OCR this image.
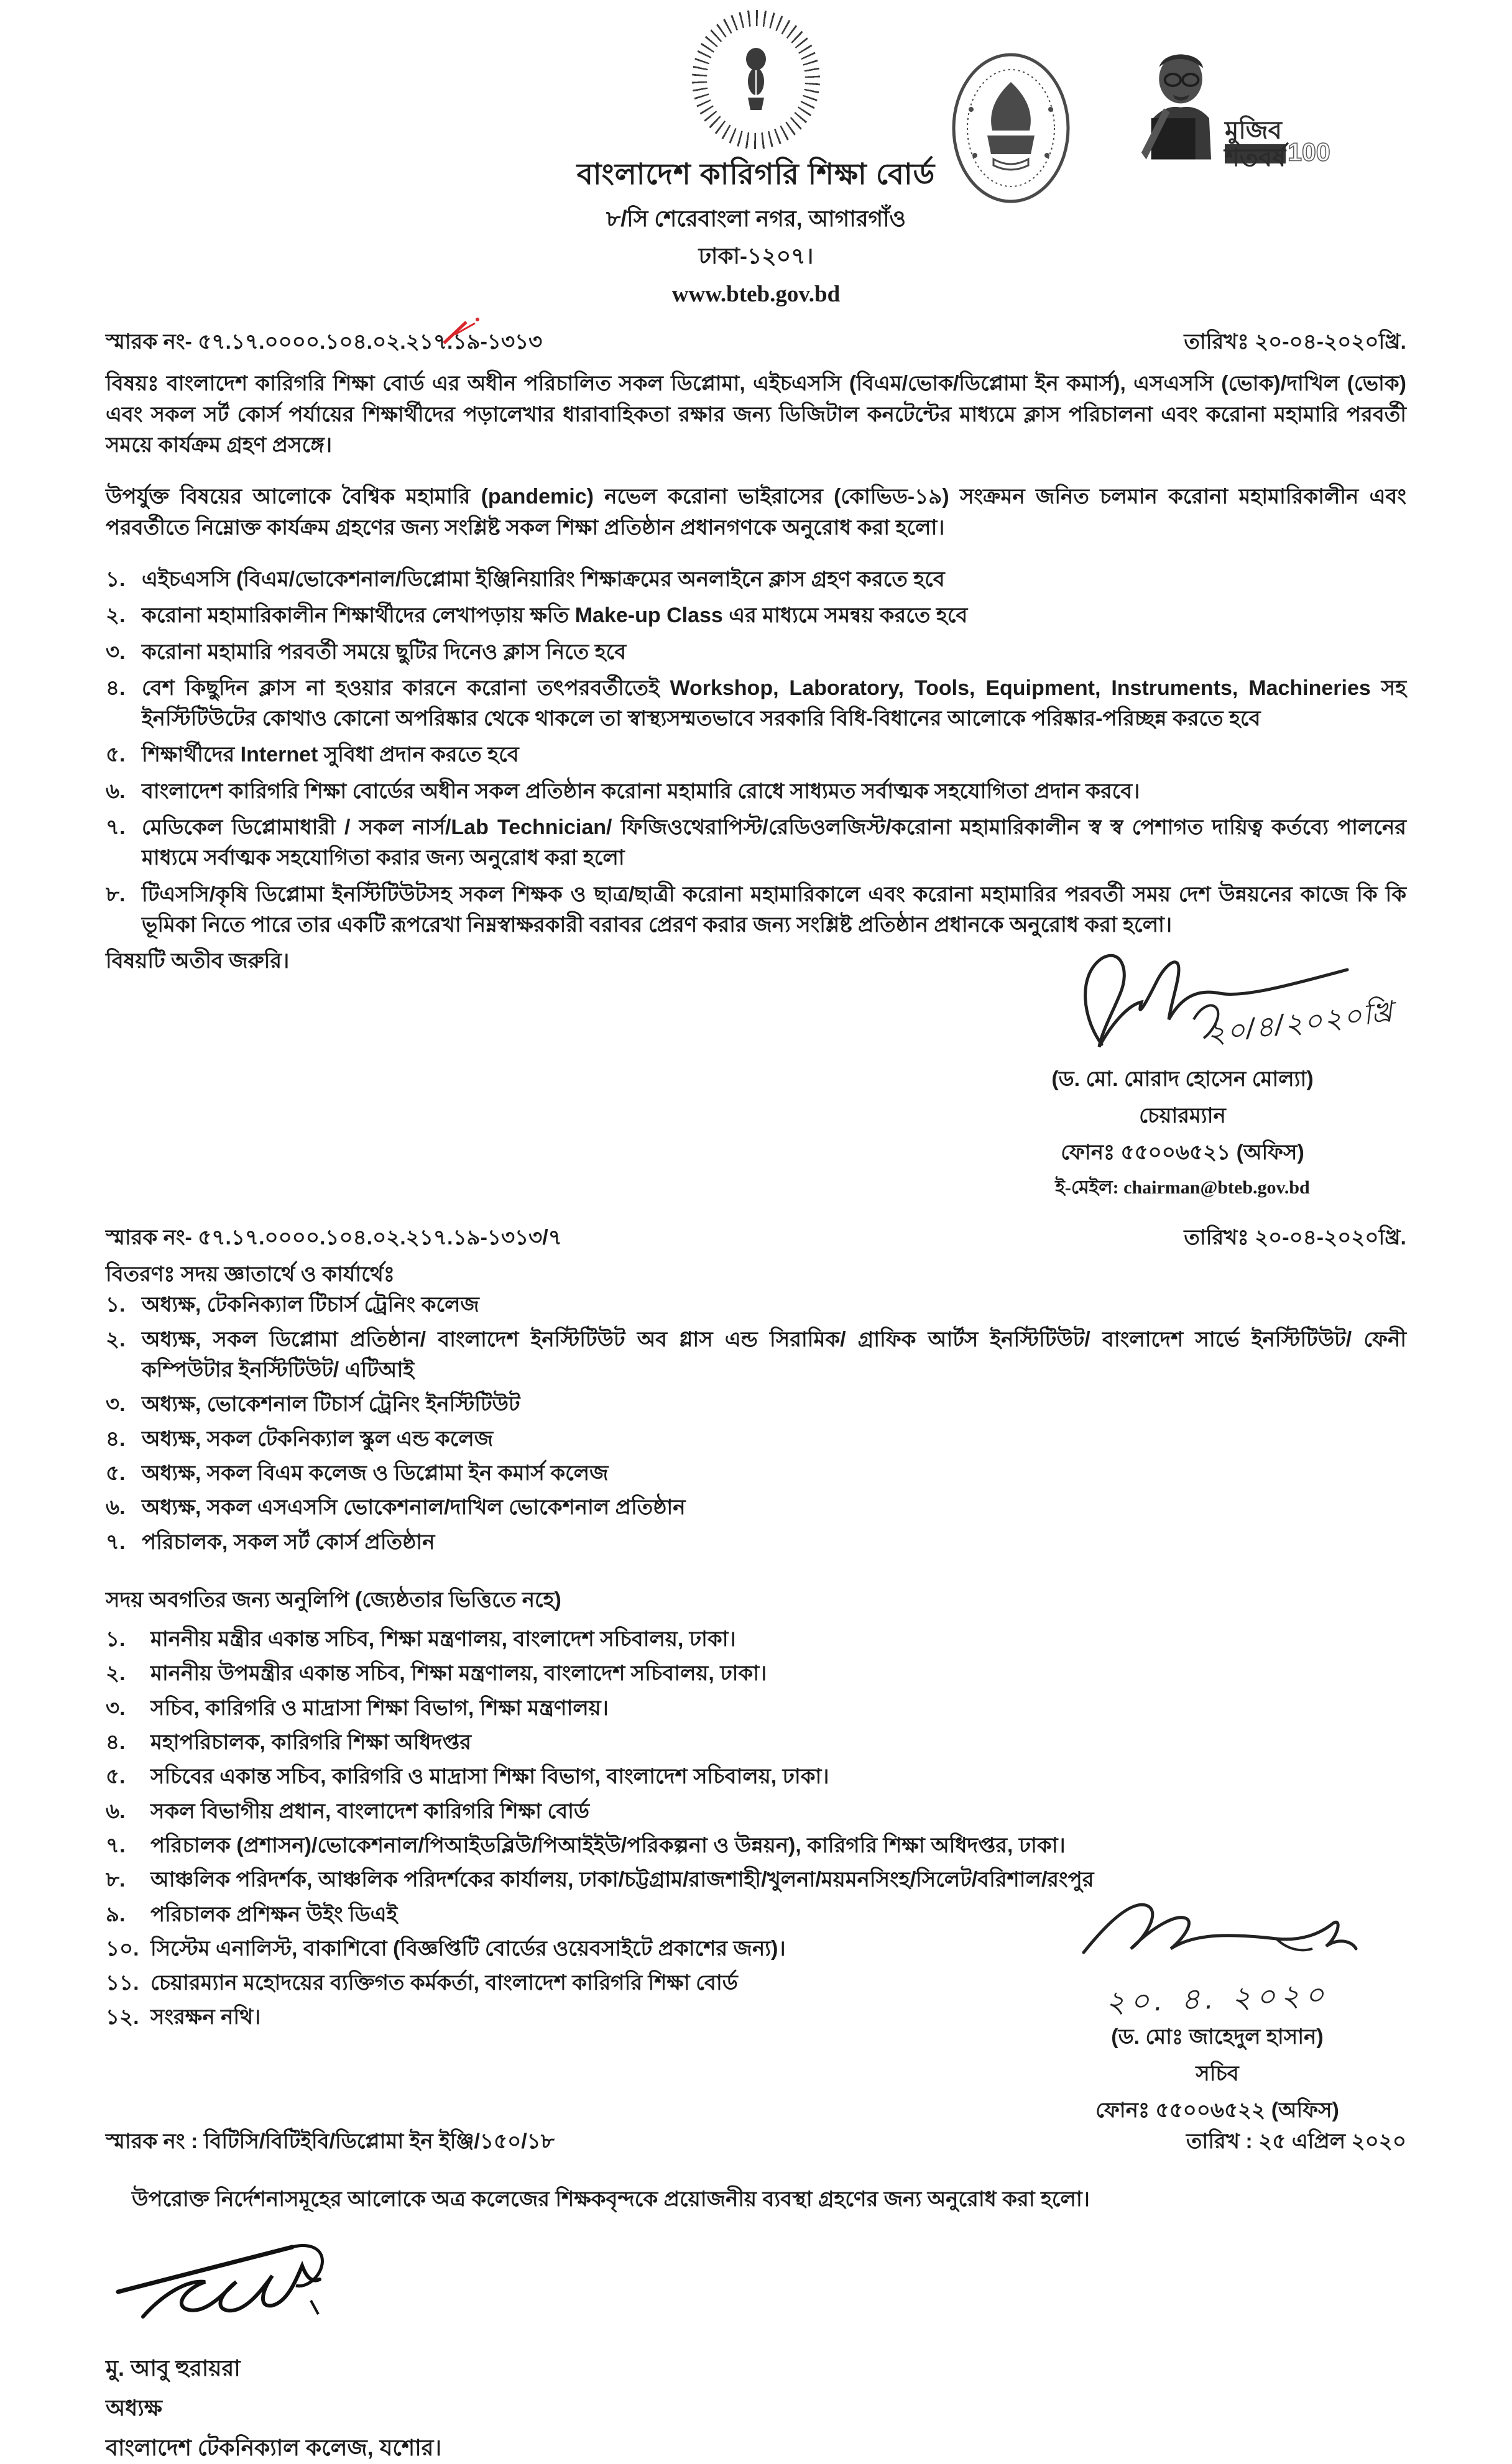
মুজিব শতবর্ষ 100
বাংলাদেশ কারিগরি শিক্ষা বোর্ড
৮/সি শেরেবাংলা নগর, আগারগাঁও
ঢাকা-১২০৭।
www.bteb.gov.bd
স্মারক নং- ৫৭.১৭.০০০০.১০৪.০২.২১৭.১৯-১৩১৩	তারিখঃ ২০-০৪-২০২০খ্রি.

বিষয়ঃ বাংলাদেশ কারিগরি শিক্ষা বোর্ড এর অধীন পরিচালিত সকল ডিপ্লোমা, এইচএসসি (বিএম/ভোক/ডিপ্লোমা ইন কমার্স), এসএসসি (ভোক)/দাখিল (ভোক) এবং সকল সর্ট কোর্স পর্যায়ের শিক্ষার্থীদের পড়ালেখার ধারাবাহিকতা রক্ষার জন্য ডিজিটাল কনটেন্টের মাধ্যমে ক্লাস পরিচালনা এবং করোনা মহামারি পরবর্তী সময়ে কার্যক্রম গ্রহণ প্রসঙ্গে।

উপর্যুক্ত বিষয়ের আলোকে বৈশ্বিক মহামারি (pandemic) নভেল করোনা ভাইরাসের (কোভিড-১৯) সংক্রমন জনিত চলমান করোনা মহামারিকালীন এবং পরবর্তীতে নিম্নোক্ত কার্যক্রম গ্রহণের জন্য সংশ্লিষ্ট সকল শিক্ষা প্রতিষ্ঠান প্রধানগণকে অনুরোধ করা হলো।

১. এইচএসসি (বিএম/ভোকেশনাল/ডিপ্লোমা ইঞ্জিনিয়ারিং শিক্ষাক্রমের অনলাইনে ক্লাস গ্রহণ করতে হবে
২. করোনা মহামারিকালীন শিক্ষার্থীদের লেখাপড়ায় ক্ষতি Make-up Class এর মাধ্যমে সমন্বয় করতে হবে
৩. করোনা মহামারি পরবর্তী সময়ে ছুটির দিনেও ক্লাস নিতে হবে
৪. বেশ কিছুদিন ক্লাস না হওয়ার কারনে করোনা তৎপরবর্তীতেই Workshop, Laboratory, Tools, Equipment, Instruments, Machineries সহ ইনস্টিটিউটের কোথাও কোনো অপরিষ্কার থেকে থাকলে তা স্বাস্থ্যসম্মতভাবে সরকারি বিধি-বিধানের আলোকে পরিষ্কার-পরিচ্ছন্ন করতে হবে
৫. শিক্ষার্থীদের Internet সুবিধা প্রদান করতে হবে
৬. বাংলাদেশ কারিগরি শিক্ষা বোর্ডের অধীন সকল প্রতিষ্ঠান করোনা মহামারি রোধে সাধ্যমত সর্বাত্মক সহযোগিতা প্রদান করবে।
৭. মেডিকেল ডিপ্লোমাধারী / সকল নার্স/Lab Technician/ ফিজিওথেরাপিস্ট/রেডিওলজিস্ট/করোনা মহামারিকালীন স্ব স্ব পেশাগত দায়িত্ব কর্তব্যে পালনের মাধ্যমে সর্বাত্মক সহযোগিতা করার জন্য অনুরোধ করা হলো
৮. টিএসসি/কৃষি ডিপ্লোমা ইনস্টিটিউটসহ সকল শিক্ষক ও ছাত্র/ছাত্রী করোনা মহামারিকালে এবং করোনা মহামারির পরবর্তী সময় দেশ উন্নয়নের কাজে কি কি ভূমিকা নিতে পারে তার একটি রূপরেখা নিম্নস্বাক্ষরকারী বরাবর প্রেরণ করার জন্য সংশ্লিষ্ট প্রতিষ্ঠান প্রধানকে অনুরোধ করা হলো।
বিষয়টি অতীব জরুরি।
২০/৪/২০২০খ্রি
(ড. মো. মোরাদ হোসেন মোল্যা)
চেয়ারম্যান
ফোনঃ ৫৫০০৬৫২১ (অফিস)
ই-মেইল: chairman@bteb.gov.bd
স্মারক নং- ৫৭.১৭.০০০০.১০৪.০২.২১৭.১৯-১৩১৩/৭	তারিখঃ ২০-০৪-২০২০খ্রি.
বিতরণঃ সদয় জ্ঞাতার্থে ও কার্যার্থেঃ
১. অধ্যক্ষ, টেকনিক্যাল টিচার্স ট্রেনিং কলেজ
২. অধ্যক্ষ, সকল ডিপ্লোমা প্রতিষ্ঠান/ বাংলাদেশ ইনস্টিটিউট অব গ্লাস এন্ড সিরামিক/ গ্রাফিক আর্টস ইনস্টিটিউট/ বাংলাদেশ সার্ভে ইনস্টিটিউট/ ফেনী কম্পিউটার ইনস্টিটিউট/ এটিআই
৩. অধ্যক্ষ, ভোকেশনাল টিচার্স ট্রেনিং ইনস্টিটিউট
৪. অধ্যক্ষ, সকল টেকনিক্যাল স্কুল এন্ড কলেজ
৫. অধ্যক্ষ, সকল বিএম কলেজ ও ডিপ্লোমা ইন কমার্স কলেজ
৬. অধ্যক্ষ, সকল এসএসসি ভোকেশনাল/দাখিল ভোকেশনাল প্রতিষ্ঠান
৭. পরিচালক, সকল সর্ট কোর্স প্রতিষ্ঠান
সদয় অবগতির জন্য অনুলিপি (জ্যেষ্ঠতার ভিত্তিতে নহে)
১.	মাননীয় মন্ত্রীর একান্ত সচিব, শিক্ষা মন্ত্রণালয়, বাংলাদেশ সচিবালয়, ঢাকা।
২.	মাননীয় উপমন্ত্রীর একান্ত সচিব, শিক্ষা মন্ত্রণালয়, বাংলাদেশ সচিবালয়, ঢাকা।
৩.	সচিব, কারিগরি ও মাদ্রাসা শিক্ষা বিভাগ, শিক্ষা মন্ত্রণালয়।
৪.	মহাপরিচালক, কারিগরি শিক্ষা অধিদপ্তর
৫.	সচিবের একান্ত সচিব, কারিগরি ও মাদ্রাসা শিক্ষা বিভাগ, বাংলাদেশ সচিবালয়, ঢাকা।
৬.	সকল বিভাগীয় প্রধান, বাংলাদেশ কারিগরি শিক্ষা বোর্ড
৭.	পরিচালক (প্রশাসন)/ভোকেশনাল/পিআইডব্লিউ/পিআইইউ/পরিকল্পনা ও উন্নয়ন), কারিগরি শিক্ষা অধিদপ্তর, ঢাকা।
৮.	আঞ্চলিক পরিদর্শক, আঞ্চলিক পরিদর্শকের কার্যালয়, ঢাকা/চট্টগ্রাম/রাজশাহী/খুলনা/ময়মনসিংহ/সিলেট/বরিশাল/রংপুর
৯.	পরিচালক প্রশিক্ষন উইং ডিএই
১০. সিস্টেম এনালিস্ট, বাকাশিবো (বিজ্ঞপ্তিটি বোর্ডের ওয়েবসাইটে প্রকাশের জন্য)।
১১. চেয়ারম্যান মহোদয়ের ব্যক্তিগত কর্মকর্তা, বাংলাদেশ কারিগরি শিক্ষা বোর্ড
১২. সংরক্ষন নথি।	২০. ৪. ২০২০
(ড. মোঃ জাহেদুল হাসান)
সচিব
ফোনঃ ৫৫০০৬৫২২ (অফিস)
স্মারক নং : বিটিসি/বিটিইবি/ডিপ্লোমা ইন ইঞ্জি/১৫০/১৮	তারিখ : ২৫ এপ্রিল ২০২০

উপরোক্ত নির্দেশনাসমূহের আলোকে অত্র কলেজের শিক্ষকবৃন্দকে প্রয়োজনীয় ব্যবস্থা গ্রহণের জন্য অনুরোধ করা হলো।

মু. আবু হুরায়রা
অধ্যক্ষ
বাংলাদেশ টেকনিক্যাল কলেজ, যশোর।
